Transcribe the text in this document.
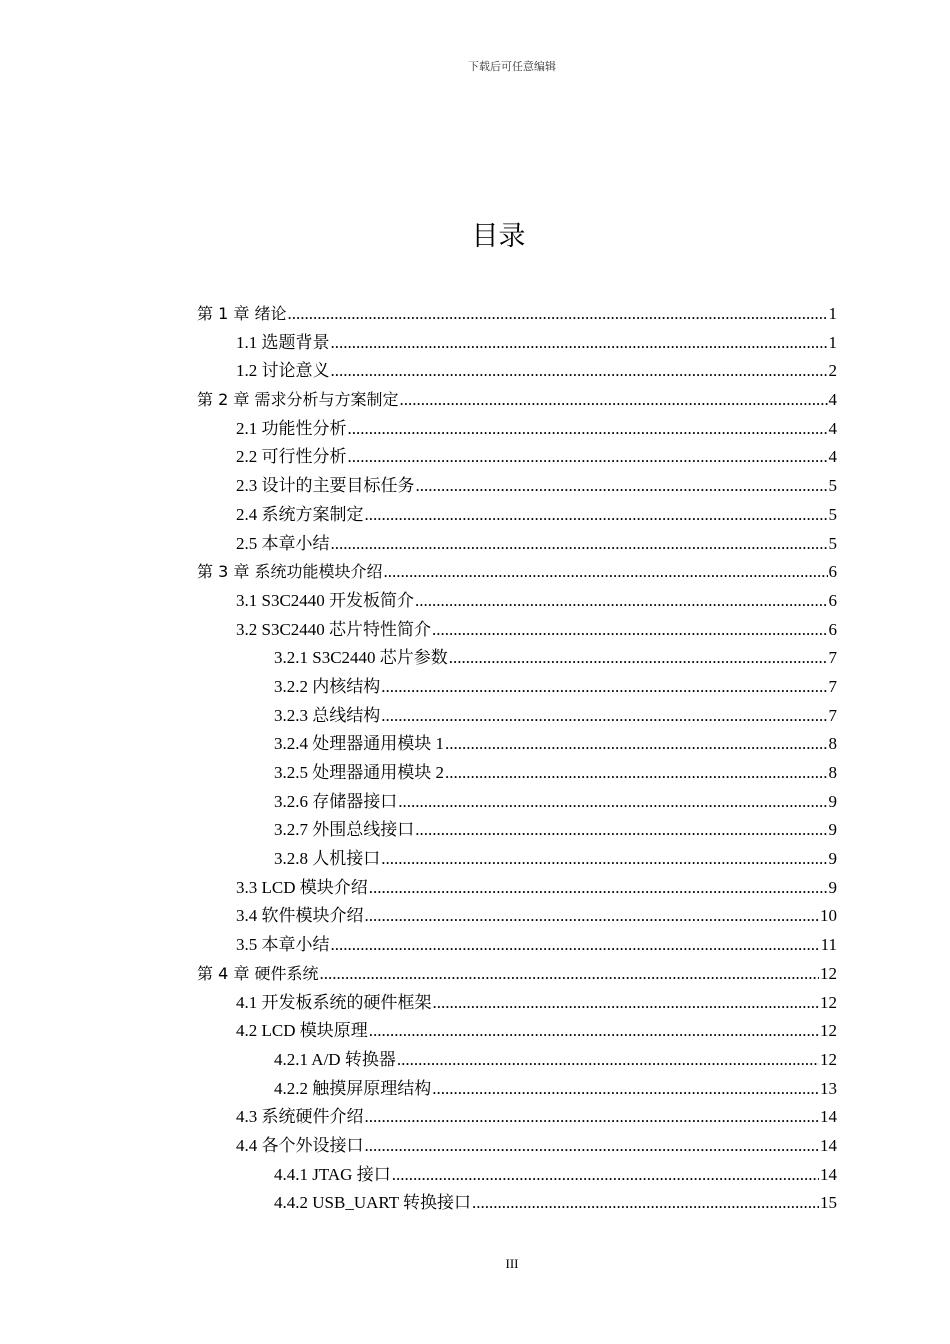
下载后可任意编辑
目录
第 1 章 绪论 .....	1
1.1 选题背景 .....	1
1.2 讨论意义 .....	2
第 2 章 需求分析与方案制定 .....	4
2.1 功能性分析 .....	4
2.2 可行性分析 .....	4
2.3 设计的主要目标任务 .....	5
2.4 系统方案制定 .....	5
2.5 本章小结 .....	5
第 3 章 系统功能模块介绍 .....	6
3.1 S3C2440 开发板简介 .....	6
3.2 S3C2440 芯片特性简介 .....	6
3.2.1 S3C2440 芯片参数 .....	7
3.2.2 内核结构 .....	7
3.2.3 总线结构 .....	7
3.2.4 处理器通用模块 1 .....	8
3.2.5 处理器通用模块 2 .....	8
3.2.6 存储器接口 .....	9
3.2.7 外围总线接口 .....	9
3.2.8 人机接口 .....	9
3.3 LCD 模块介绍 .....	9
3.4 软件模块介绍 .....	10
3.5 本章小结 .....	11
第 4 章 硬件系统 .....	12
4.1 开发板系统的硬件框架 .....	12
4.2 LCD 模块原理 .....	12
4.2.1 A/D 转换器 .....	12
4.2.2 触摸屏原理结构 .....	13
4.3 系统硬件介绍 .....	14
4.4 各个外设接口 .....	14
4.4.1 JTAG 接口 .....	14
4.4.2 USB_UART 转换接口 .....	15
III
